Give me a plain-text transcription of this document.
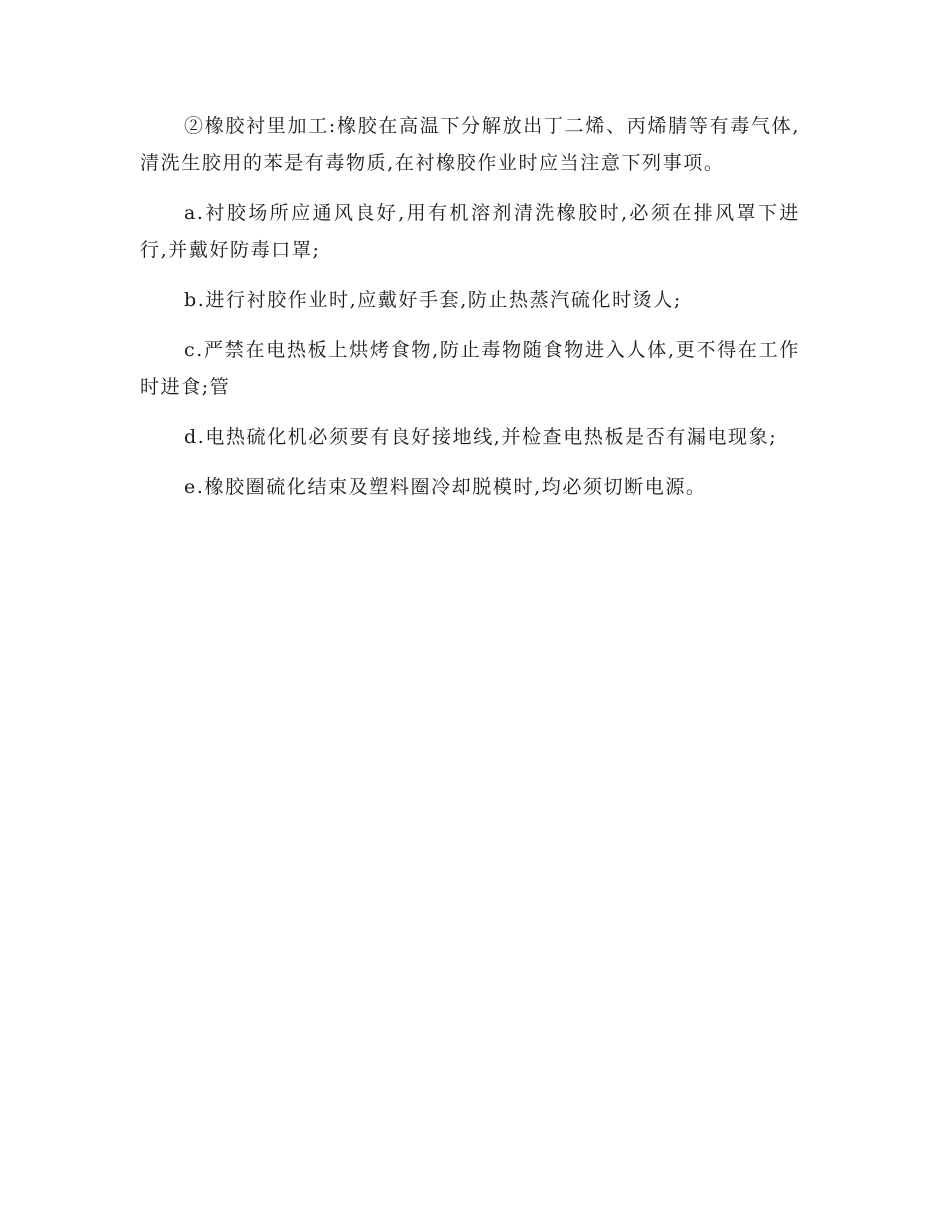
②橡胶衬里加工:橡胶在高温下分解放出丁二烯、丙烯腈等有毒气体,清洗生胶用的苯是有毒物质,在衬橡胶作业时应当注意下列事项。

a.衬胶场所应通风良好,用有机溶剂清洗橡胶时,必须在排风罩下进行,并戴好防毒口罩;

b.进行衬胶作业时,应戴好手套,防止热蒸汽硫化时烫人;

c.严禁在电热板上烘烤食物,防止毒物随食物进入人体,更不得在工作时进食;管

d.电热硫化机必须要有良好接地线,并检查电热板是否有漏电现象;

e.橡胶圈硫化结束及塑料圈冷却脱模时,均必须切断电源。
